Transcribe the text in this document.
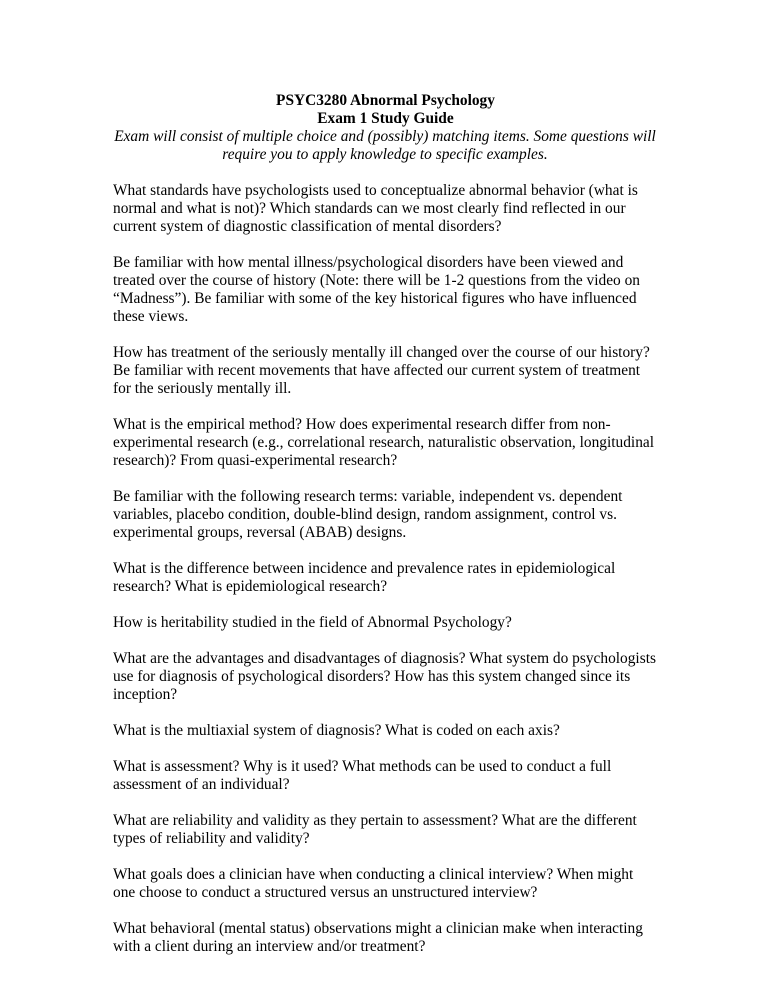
PSYC3280 Abnormal Psychology

Exam 1 Study Guide

Exam will consist of multiple choice and (possibly) matching items. Some questions will require you to apply knowledge to specific examples.

What standards have psychologists used to conceptualize abnormal behavior (what is normal and what is not)? Which standards can we most clearly find reflected in our current system of diagnostic classification of mental disorders?

Be familiar with how mental illness/psychological disorders have been viewed and treated over the course of history (Note: there will be 1-2 questions from the video on “Madness”). Be familiar with some of the key historical figures who have influenced these views.

How has treatment of the seriously mentally ill changed over the course of our history? Be familiar with recent movements that have affected our current system of treatment for the seriously mentally ill.

What is the empirical method? How does experimental research differ from non-experimental research (e.g., correlational research, naturalistic observation, longitudinal research)? From quasi-experimental research?

Be familiar with the following research terms: variable, independent vs. dependent variables, placebo condition, double-blind design, random assignment, control vs. experimental groups, reversal (ABAB) designs.

What is the difference between incidence and prevalence rates in epidemiological research? What is epidemiological research?

How is heritability studied in the field of Abnormal Psychology?

What are the advantages and disadvantages of diagnosis? What system do psychologists use for diagnosis of psychological disorders? How has this system changed since its inception?

What is the multiaxial system of diagnosis? What is coded on each axis?

What is assessment? Why is it used? What methods can be used to conduct a full assessment of an individual?

What are reliability and validity as they pertain to assessment? What are the different types of reliability and validity?

What goals does a clinician have when conducting a clinical interview? When might one choose to conduct a structured versus an unstructured interview?

What behavioral (mental status) observations might a clinician make when interacting with a client during an interview and/or treatment?
